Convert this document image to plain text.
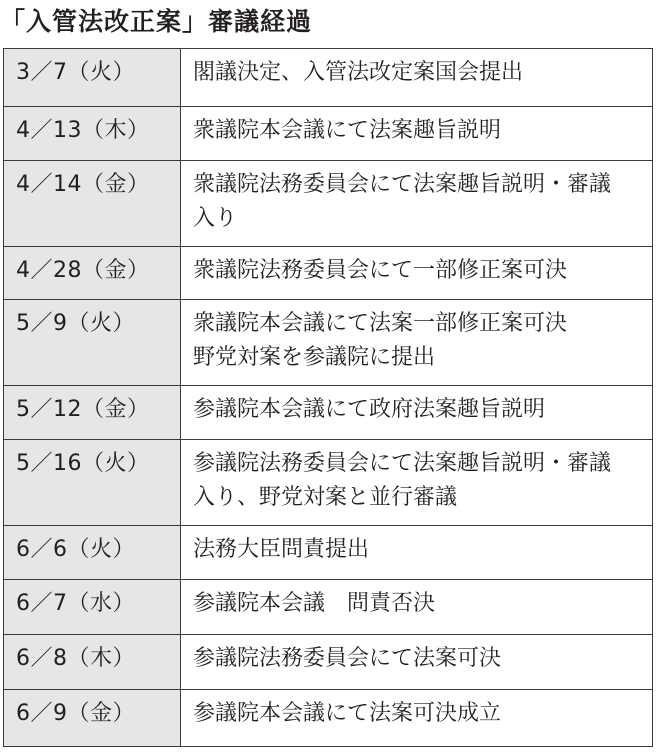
「入管法改正案」審議経過
3／7（火）	閣議決定、入管法改定案国会提出

4／13（木）	衆議院本会議にて法案趣旨説明

4／14（金）	衆議院法務委員会にて法案趣旨説明・審議
入り

4／28（金）	衆議院法務委員会にて一部修正案可決

5／9（火）	衆議院本会議にて法案一部修正案可決
野党対案を参議院に提出

5／12（金）	参議院本会議にて政府法案趣旨説明

5／16（火）	参議院法務委員会にて法案趣旨説明・審議
入り、野党対案と並行審議

6／6（火）	法務大臣問責提出

6／7（水）	参議院本会議　問責否決

6／8（木）	参議院法務委員会にて法案可決

6／9（金）	参議院本会議にて法案可決成立
